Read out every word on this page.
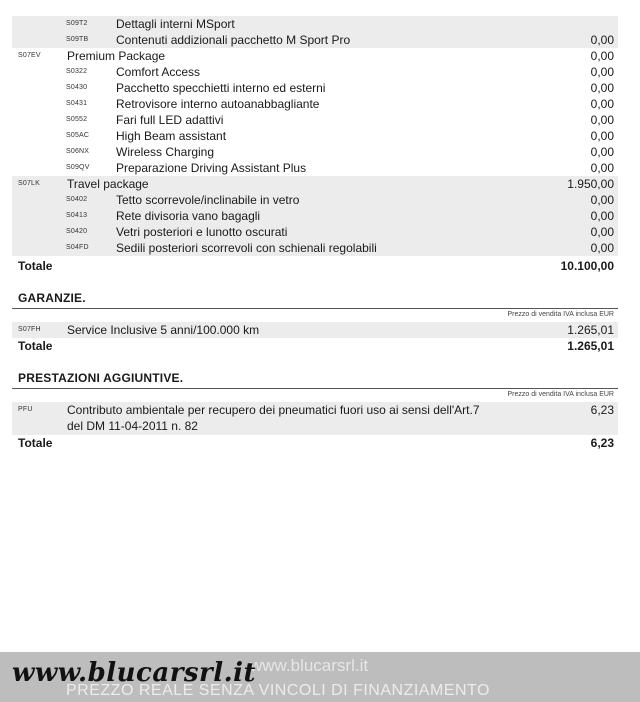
S09T2 Dettagli interni MSport
S09TB Contenuti addizionali pacchetto M Sport Pro	0,00
S07EV Premium Package	0,00
S0322 Comfort Access	0,00
S0430 Pacchetto specchietti interno ed esterni	0,00
S0431 Retrovisore interno autoanabbagliante	0,00
S0552 Fari full LED adattivi	0,00
S05AC High Beam assistant	0,00
S06NX Wireless Charging	0,00
S09QV Preparazione Driving Assistant Plus	0,00
S07LK Travel package	1.950,00
S0402 Tetto scorrevole/inclinabile in vetro	0,00
S0413 Rete divisoria vano bagagli	0,00
S0420 Vetri posteriori e lunotto oscurati	0,00
S04FD Sedili posteriori scorrevoli con schienali regolabili	0,00
Totale	10.100,00
GARANZIE.
Prezzo di vendita IVA inclusa EUR
S07FH Service Inclusive 5 anni/100.000 km	1.265,01
Totale	1.265,01
PRESTAZIONI AGGIUNTIVE.
Prezzo di vendita IVA inclusa EUR
PFU	Contributo ambientale per recupero dei pneumatici fuori uso ai sensi dell'Art.7	6,23
del DM 11-04-2011 n. 82
Totale	6,23
www.blucarsrl.it
www.blucarsrl.it
PREZZO REALE SENZA VINCOLI DI FINANZIAMENTO
